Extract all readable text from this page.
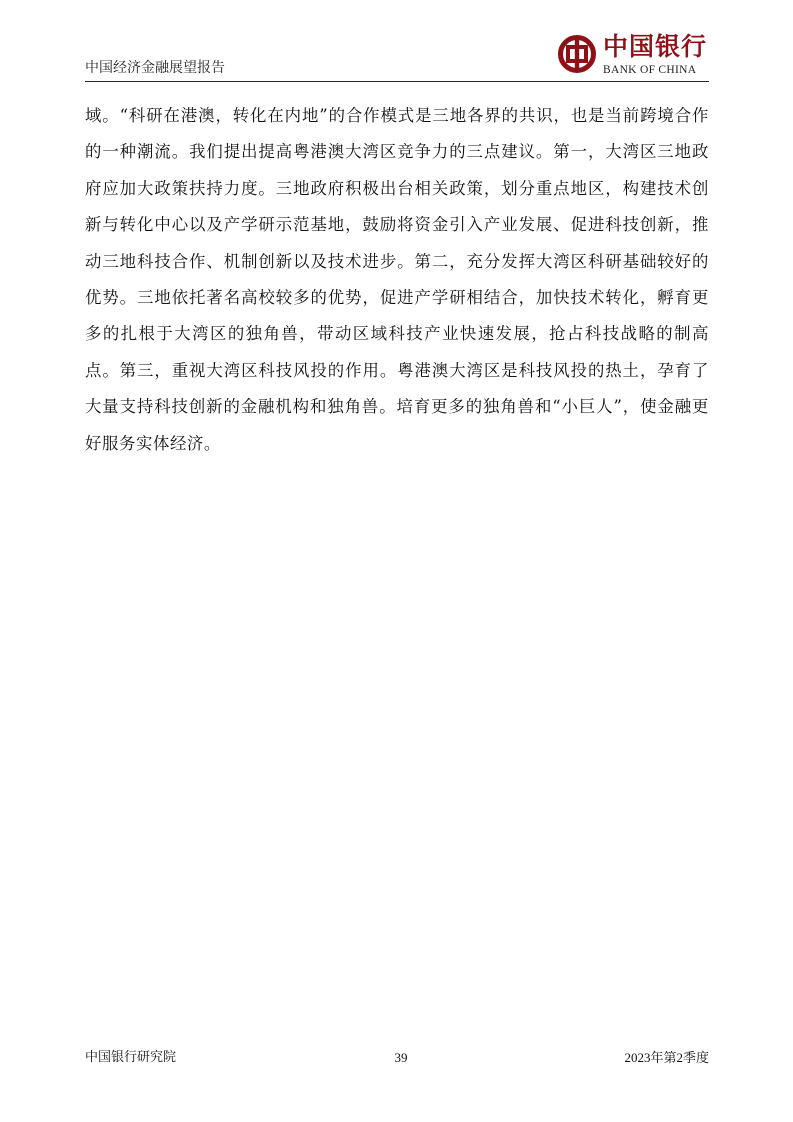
中国经济金融展望报告
中国银行
BANK OF CHINA

域。“科研在港澳，转化在内地”的合作模式是三地各界的共识，也是当前跨境合作的一种潮流。我们提出提高粤港澳大湾区竞争力的三点建议。第一，大湾区三地政府应加大政策扶持力度。三地政府积极出台相关政策，划分重点地区，构建技术创新与转化中心以及产学研示范基地，鼓励将资金引入产业发展、促进科技创新，推动三地科技合作、机制创新以及技术进步。第二，充分发挥大湾区科研基础较好的优势。三地依托著名高校较多的优势，促进产学研相结合，加快技术转化，孵育更多的扎根于大湾区的独角兽，带动区域科技产业快速发展，抢占科技战略的制高点。第三，重视大湾区科技风投的作用。粤港澳大湾区是科技风投的热土，孕育了大量支持科技创新的金融机构和独角兽。培育更多的独角兽和“小巨人”，使金融更好服务实体经济。

中国银行研究院	39	2023年第2季度
